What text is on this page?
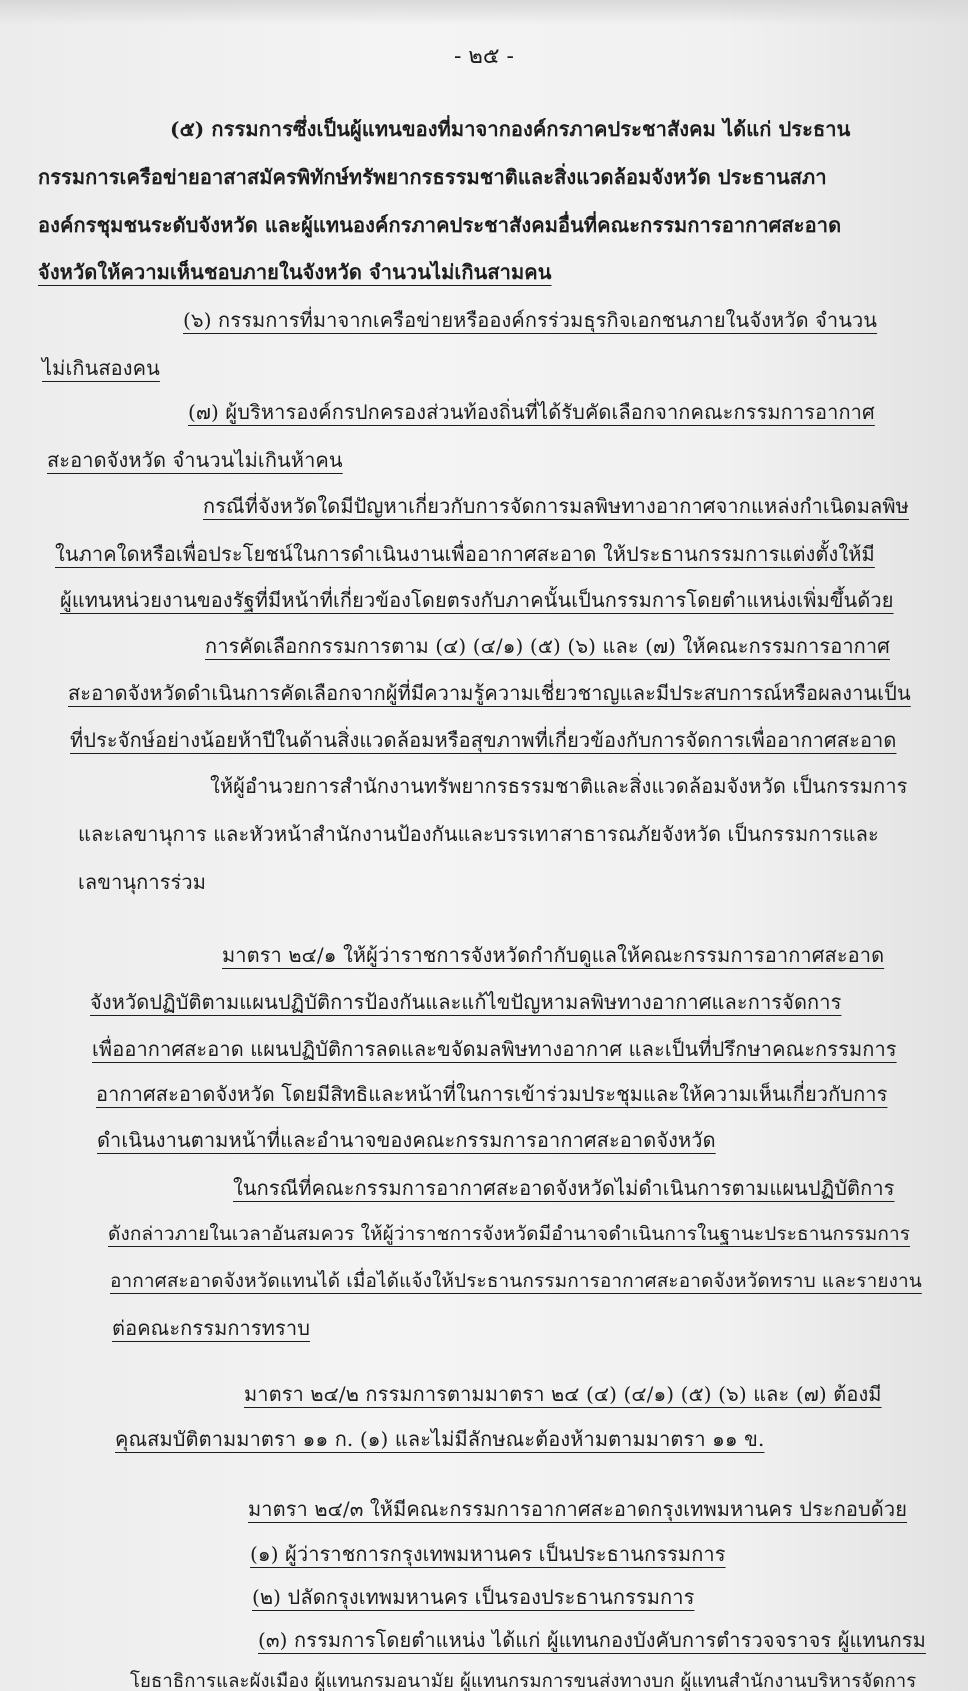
- ๒๕ -
(๕) กรรมการซึ่งเป็นผู้แทนของที่มาจากองค์กรภาคประชาสังคม ได้แก่ ประธาน
กรรมการเครือข่ายอาสาสมัครพิทักษ์ทรัพยากรธรรมชาติและสิ่งแวดล้อมจังหวัด ประธานสภา
องค์กรชุมชนระดับจังหวัด และผู้แทนองค์กรภาคประชาสังคมอื่นที่คณะกรรมการอากาศสะอาด
จังหวัดให้ความเห็นชอบภายในจังหวัด จำนวนไม่เกินสามคน
(๖) กรรมการที่มาจากเครือข่ายหรือองค์กรร่วมธุรกิจเอกชนภายในจังหวัด จำนวน
ไม่เกินสองคน
(๗) ผู้บริหารองค์กรปกครองส่วนท้องถิ่นที่ได้รับคัดเลือกจากคณะกรรมการอากาศ
สะอาดจังหวัด จำนวนไม่เกินห้าคน
กรณีที่จังหวัดใดมีปัญหาเกี่ยวกับการจัดการมลพิษทางอากาศจากแหล่งกำเนิดมลพิษ
ในภาคใดหรือเพื่อประโยชน์ในการดำเนินงานเพื่ออากาศสะอาด ให้ประธานกรรมการแต่งตั้งให้มี
ผู้แทนหน่วยงานของรัฐที่มีหน้าที่เกี่ยวข้องโดยตรงกับภาคนั้นเป็นกรรมการโดยตำแหน่งเพิ่มขึ้นด้วย
การคัดเลือกกรรมการตาม (๔) (๔/๑) (๕) (๖) และ (๗) ให้คณะกรรมการอากาศ
สะอาดจังหวัดดำเนินการคัดเลือกจากผู้ที่มีความรู้ความเชี่ยวชาญและมีประสบการณ์หรือผลงานเป็น
ที่ประจักษ์อย่างน้อยห้าปีในด้านสิ่งแวดล้อมหรือสุขภาพที่เกี่ยวข้องกับการจัดการเพื่ออากาศสะอาด
ให้ผู้อำนวยการสำนักงานทรัพยากรธรรมชาติและสิ่งแวดล้อมจังหวัด เป็นกรรมการ
และเลขานุการ และหัวหน้าสำนักงานป้องกันและบรรเทาสาธารณภัยจังหวัด เป็นกรรมการและ
เลขานุการร่วม
มาตรา ๒๔/๑ ให้ผู้ว่าราชการจังหวัดกำกับดูแลให้คณะกรรมการอากาศสะอาด
จังหวัดปฏิบัติตามแผนปฏิบัติการป้องกันและแก้ไขปัญหามลพิษทางอากาศและการจัดการ
เพื่ออากาศสะอาด แผนปฏิบัติการลดและขจัดมลพิษทางอากาศ และเป็นที่ปรึกษาคณะกรรมการ
อากาศสะอาดจังหวัด โดยมีสิทธิและหน้าที่ในการเข้าร่วมประชุมและให้ความเห็นเกี่ยวกับการ
ดำเนินงานตามหน้าที่และอำนาจของคณะกรรมการอากาศสะอาดจังหวัด
ในกรณีที่คณะกรรมการอากาศสะอาดจังหวัดไม่ดำเนินการตามแผนปฏิบัติการ
ดังกล่าวภายในเวลาอันสมควร ให้ผู้ว่าราชการจังหวัดมีอำนาจดำเนินการในฐานะประธานกรรมการ
อากาศสะอาดจังหวัดแทนได้ เมื่อได้แจ้งให้ประธานกรรมการอากาศสะอาดจังหวัดทราบ และรายงาน
ต่อคณะกรรมการทราบ
มาตรา ๒๔/๒ กรรมการตามมาตรา ๒๔ (๔) (๔/๑) (๕) (๖) และ (๗) ต้องมี
คุณสมบัติตามมาตรา ๑๑ ก. (๑) และไม่มีลักษณะต้องห้ามตามมาตรา ๑๑ ข.
มาตรา ๒๔/๓ ให้มีคณะกรรมการอากาศสะอาดกรุงเทพมหานคร ประกอบด้วย
(๑) ผู้ว่าราชการกรุงเทพมหานคร เป็นประธานกรรมการ
(๒) ปลัดกรุงเทพมหานคร เป็นรองประธานกรรมการ
(๓) กรรมการโดยตำแหน่ง ได้แก่ ผู้แทนกองบังคับการตำรวจจราจร ผู้แทนกรม
โยธาธิการและผังเมือง ผู้แทนกรมอนามัย ผู้แทนกรมการขนส่งทางบก ผู้แทนสำนักงานบริหารจัดการ
